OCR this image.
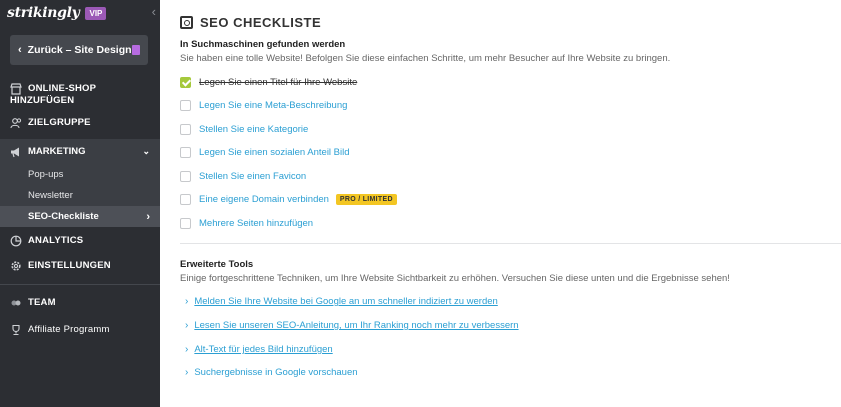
strikingly	VIP	‹
‹ Zurück – Site Design
ONLINE-SHOP
HINZUFÜGEN
ZIELGRUPPE
MARKETING	⌄
Pop-ups
Newsletter
SEO-Checkliste	›
ANALYTICS
EINSTELLUNGEN
TEAM
Affiliate Programm
SEO CHECKLISTE
In Suchmaschinen gefunden werden
Sie haben eine tolle Website! Befolgen Sie diese einfachen Schritte, um mehr Besucher auf Ihre Website zu bringen.
Legen Sie einen Titel für Ihre Website
Legen Sie eine Meta-Beschreibung
Stellen Sie eine Kategorie
Legen Sie einen sozialen Anteil Bild
Stellen Sie einen Favicon
Eine eigene Domain verbinden	PRO / LIMITED
Mehrere Seiten hinzufügen
Erweiterte Tools
Einige fortgeschrittene Techniken, um Ihre Website Sichtbarkeit zu erhöhen. Versuchen Sie diese unten und die Ergebnisse sehen!
› Melden Sie Ihre Website bei Google an um schneller indiziert zu werden
› Lesen Sie unseren SEO-Anleitung, um Ihr Ranking noch mehr zu verbessern
› Alt-Text für jedes Bild hinzufügen
› Suchergebnisse in Google vorschauen
